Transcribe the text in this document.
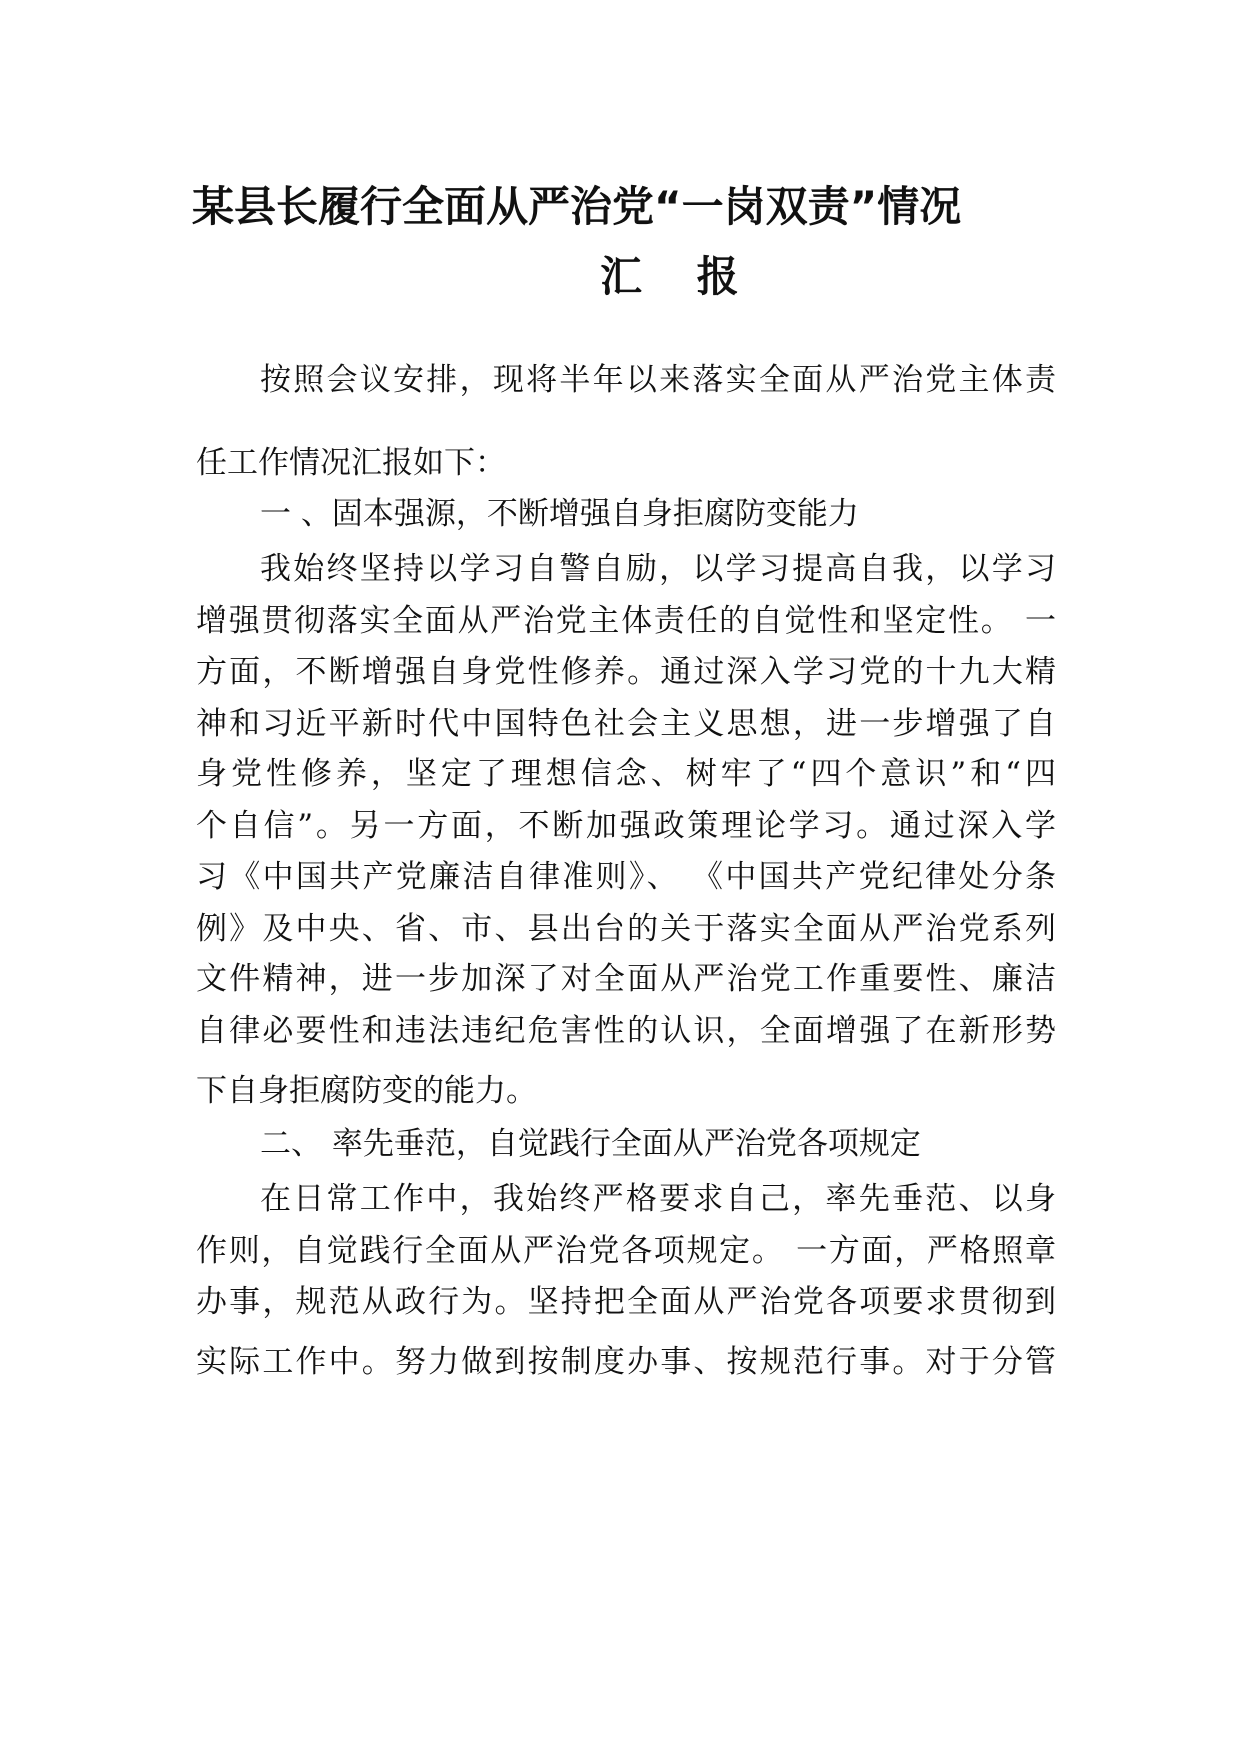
某县长履行全面从严治党“一岗双责”情况
汇 报

按照会议安排，现将半年以来落实全面从严治党主体责

任工作情况汇报如下：

一 、固本强源，不断增强自身拒腐防变能力

我始终坚持以学习自警自励，以学习提高自我，以学习

增强贯彻落实全面从严治党主体责任的自觉性和坚定性。 一

方面，不断增强自身党性修养。通过深入学习党的十九大精

神和习近平新时代中国特色社会主义思想，进一步增强了自

身党性修养，坚定了理想信念、树牢了“四个意识”和“四

个自信”。另一方面，不断加强政策理论学习。通过深入学

习《中国共产党廉洁自律准则》、 《中国共产党纪律处分条

例》及中央、省、市、县出台的关于落实全面从严治党系列

文件精神，进一步加深了对全面从严治党工作重要性、廉洁

自律必要性和违法违纪危害性的认识，全面增强了在新形势

下自身拒腐防变的能力。

二、 率先垂范，自觉践行全面从严治党各项规定

在日常工作中，我始终严格要求自己，率先垂范、以身

作则，自觉践行全面从严治党各项规定。 一方面，严格照章

办事，规范从政行为。坚持把全面从严治党各项要求贯彻到

实际工作中。努力做到按制度办事、按规范行事。对于分管
